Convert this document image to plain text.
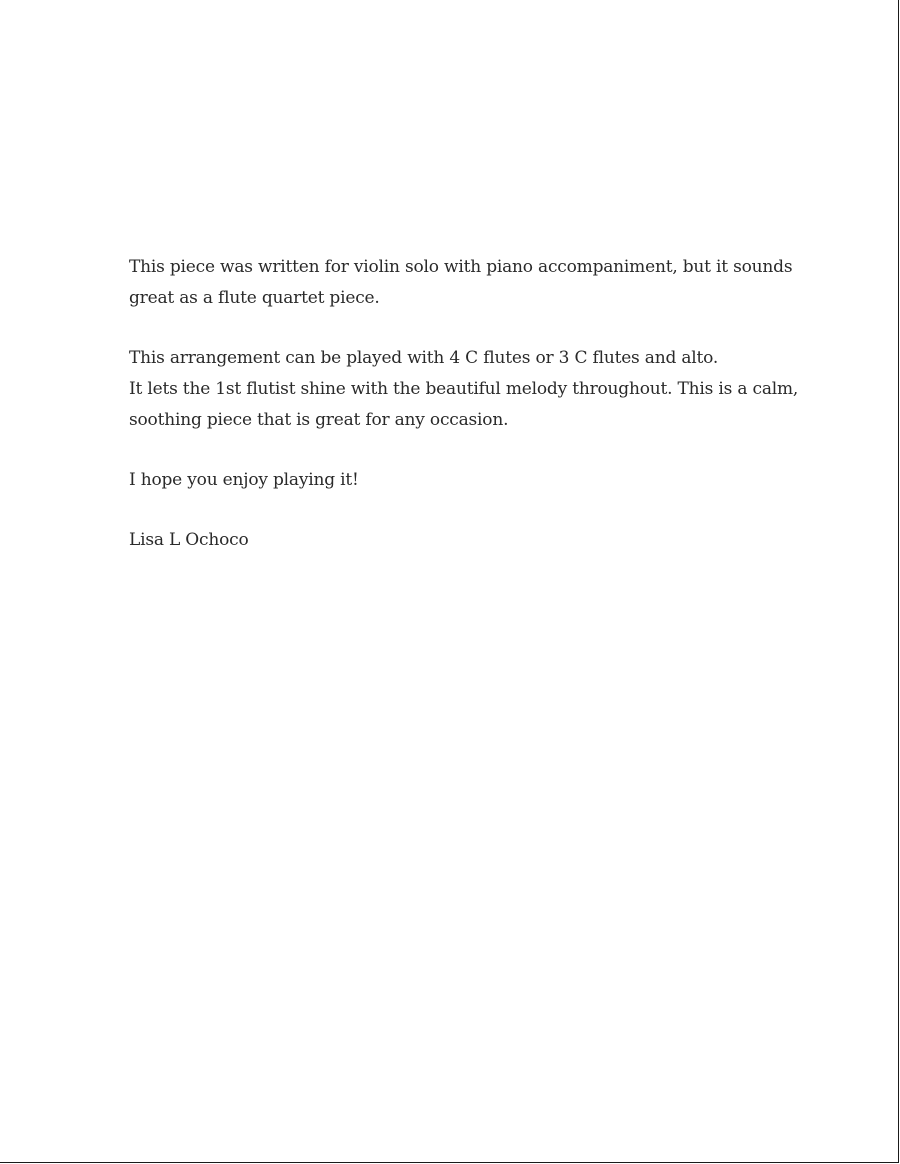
This piece was written for violin solo with piano accompaniment, but it sounds
great as a flute quartet piece.

This arrangement can be played with 4 C flutes or 3 C flutes and alto.
It lets the 1st flutist shine with the beautiful melody throughout. This is a calm,
soothing piece that is great for any occasion.

I hope you enjoy playing it!

Lisa L Ochoco
